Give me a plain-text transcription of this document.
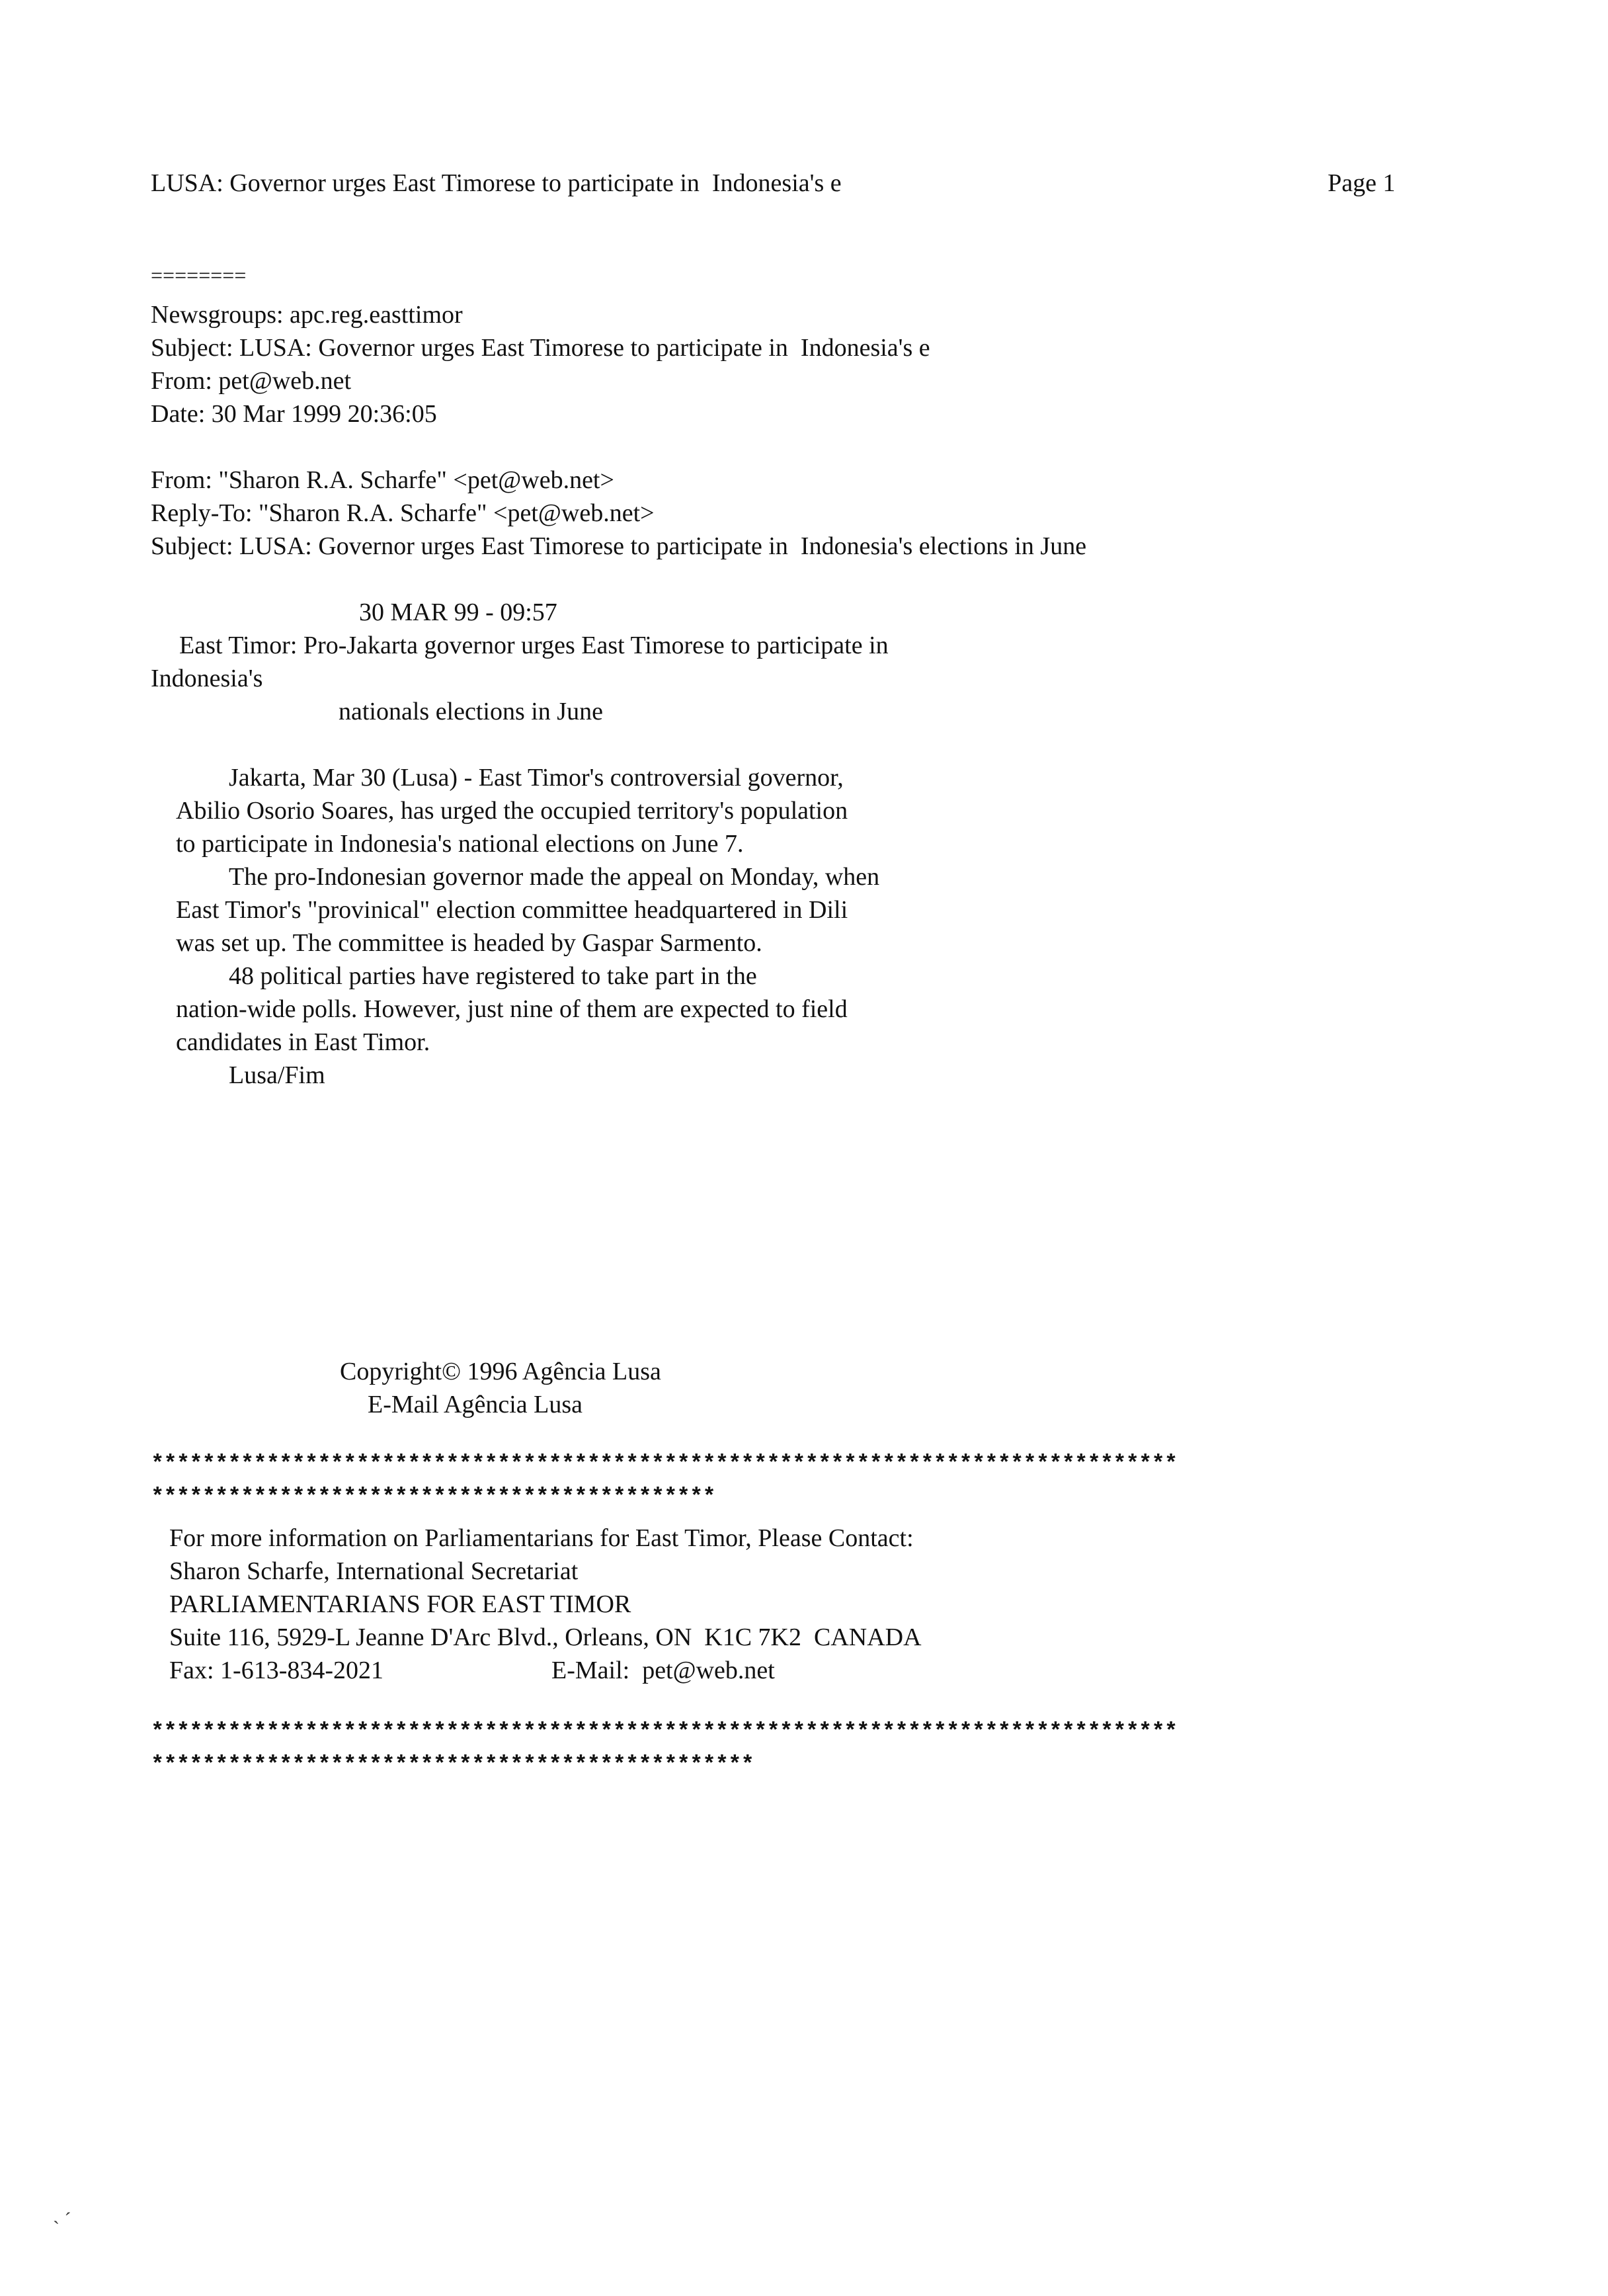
LUSA: Governor urges East Timorese to participate in  Indonesia's e	Page 1
========
Newsgroups: apc.reg.easttimor
Subject: LUSA: Governor urges East Timorese to participate in  Indonesia's e
From: pet@web.net
Date: 30 Mar 1999 20:36:05
From: "Sharon R.A. Scharfe" <pet@web.net>
Reply-To: "Sharon R.A. Scharfe" <pet@web.net>
Subject: LUSA: Governor urges East Timorese to participate in  Indonesia's elections in June
30 MAR 99 - 09:57
East Timor: Pro-Jakarta governor urges East Timorese to participate in
Indonesia's
nationals elections in June
Jakarta, Mar 30 (Lusa) - East Timor's controversial governor,
Abilio Osorio Soares, has urged the occupied territory's population
to participate in Indonesia's national elections on June 7.
The pro-Indonesian governor made the appeal on Monday, when
East Timor's "provinical" election committee headquartered in Dili
was set up. The committee is headed by Gaspar Sarmento.
48 political parties have registered to take part in the
nation-wide polls. However, just nine of them are expected to field
candidates in East Timor.
Lusa/Fim
Copyright© 1996 Agência Lusa
E-Mail Agência Lusa
********************************************************************************
********************************************
For more information on Parliamentarians for East Timor, Please Contact:
Sharon Scharfe, International Secretariat
PARLIAMENTARIANS FOR EAST TIMOR
Suite 116, 5929-L Jeanne D'Arc Blvd., Orleans, ON  K1C 7K2  CANADA
Fax: 1-613-834-2021	E-Mail:  pet@web.net
********************************************************************************
***********************************************
˴ ˊ
